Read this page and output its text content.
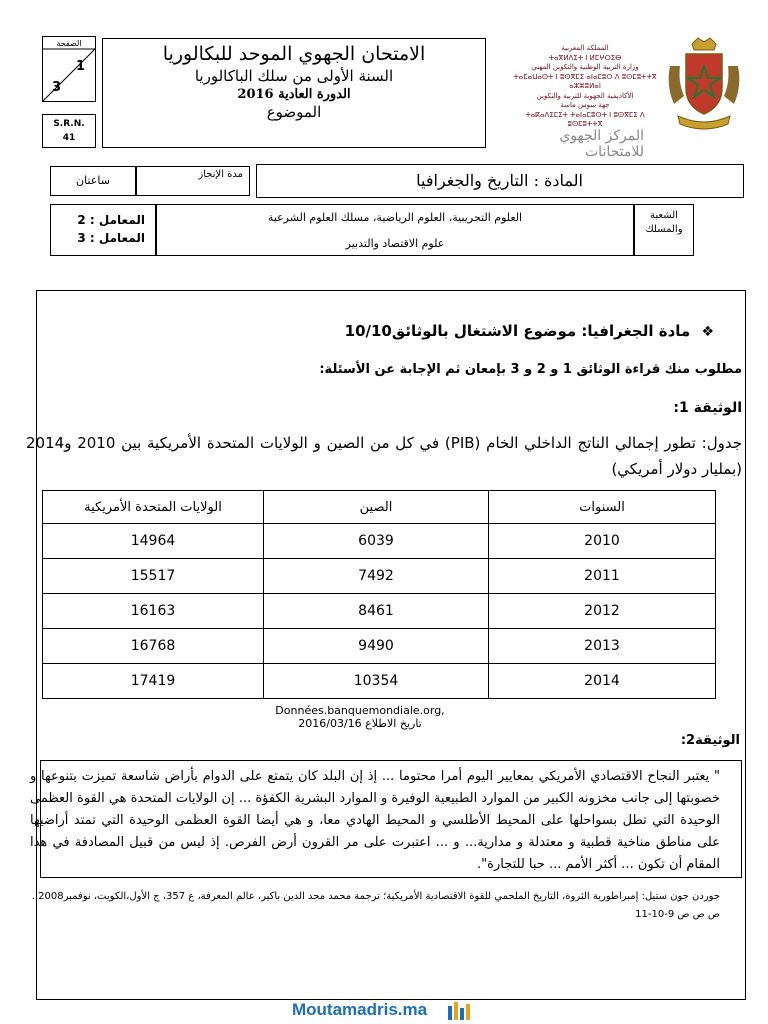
الصفحة
1
3
S.R.N.
41
الامتحان الجهوي الموحد للبكالوريا
السنة الأولى من سلك الباكالوريا
الدورة العادية 2016
الموضوع
المملكة المغربية
ⵜⴰⴳⵍⴷⵉⵜ ⵏ ⵍⵎⵖⵔⵉⴱ
وزارة التربية الوطنية والتكوين المهني
ⵜⴰⵎⴰⵡⴰⵙⵜ ⵏ ⵓⵙⴳⵎⵉ ⴰⵏⴰⵎⵓⵔ ⴷ ⵓⵙⵎⵓⵜⵜⴳ ⴰⵣⵣⵓⵍⴰⵏ
الأكاديمية الجهوية للتربية والتكوين
جهة سوس ماسة
ⵜⴰⴽⴰⴷⵉⵎⵉⵜ ⵜⴰⵏⴰⵎⵓⵔⵜ ⵏ ⵓⵙⴳⵎⵉ ⴷ ⵓⵙⵎⵓⵜⵜⴳ
المركز الجهوي للامتحانات
ساعتان	مدة الإنجاز	المادة : التاريخ والجغرافيا
المعامل : 2
المعامل : 3
العلوم التجريبية، العلوم الرياضية، مسلك العلوم الشرعية
علوم الاقتصاد والتدبير
الشعبة
والمسلك
❖ مادة الجغرافيا: موضوع الاشتغال بالوثائق10/10
مطلوب منك قراءة الوثائق 1 و 2 و 3 بإمعان ثم الإجابة عن الأسئلة:
الوثيقة 1:
جدول: تطور إجمالي الناتج الداخلي الخام (PIB) في كل من الصين و الولايات المتحدة الأمريكية بين 2010 و2014 (بمليار دولار أمريكي)
السنوات	الصين	الولايات المتحدة الأمريكية
2010	6039	14964
2011	7492	15517
2012	8461	16163
2013	9490	16768
2014	10354	17419
Données.banquemondiale.org,
تاريخ الاطلاع 2016/03/16
الوثيقة2:
" يعتبر النجاح الاقتصادي الأمريكي بمعايير اليوم أمرا محتوما ... إذ إن البلد كان يتمتع على الدوام بأراض شاسعة تميزت بتنوعها و خصوبتها إلى جانب مخزونه الكبير من الموارد الطبيعية الوفيرة و الموارد البشرية الكفؤة ... إن الولايات المتحدة هي القوة العظمى الوحيدة التي تطل بسواحلها على المحيط الأطلسي و المحيط الهادي معا، و هي أيضا القوة العظمى الوحيدة التي تمتد أراضيها على مناطق مناخية قطبية و معتدلة و مدارية... و ... اعتبرت على مر القرون أرض الفرص. إذ ليس من قبيل المصادفة في هذا المقام أن تكون ... أكثر الأمم ... حبا للتجارة".
جوردن جون ستيل: إمبراطورية الثروة، التاريخ الملحمي للقوة الاقتصادية الأمريكية؛ ترجمة محمد مجد الدين باكير، عالم المعرفة، ع 357، ج الأول،الكويت، نوفمبر2008.. ص ص ص 9-10-11
Moutamadris.ma
